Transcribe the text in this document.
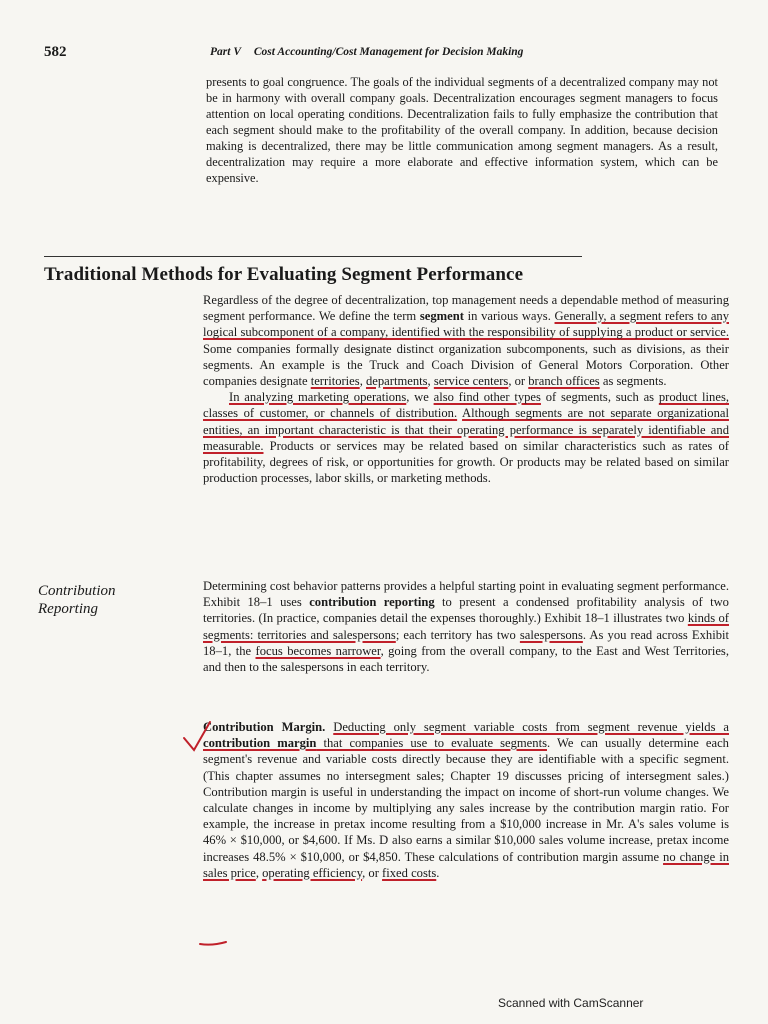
582	Part V Cost Accounting/Cost Management for Decision Making
presents to goal congruence. The goals of the individual segments of a decentralized company may not be in harmony with overall company goals. Decentralization encourages segment managers to focus attention on local operating conditions. Decentralization fails to fully emphasize the contribution that each segment should make to the profitability of the overall company. In addition, because decision making is decentralized, there may be little communication among segment managers. As a result, decentralization may require a more elaborate and effective information system, which can be expensive.
Traditional Methods for Evaluating Segment Performance

Regardless of the degree of decentralization, top management needs a dependable method of measuring segment performance. We define the term segment in various ways. Generally, a segment refers to any logical subcomponent of a company, identified with the responsibility of supplying a product or service. Some companies formally designate distinct organization subcomponents, such as divisions, as their segments. An example is the Truck and Coach Division of General Motors Corporation. Other companies designate territories, departments, service centers, or branch offices as segments.

In analyzing marketing operations, we also find other types of segments, such as product lines, classes of customer, or channels of distribution. Although segments are not separate organizational entities, an important characteristic is that their operating performance is separately identifiable and measurable. Products or services may be related based on similar characteristics such as rates of profitability, degrees of risk, or opportunities for growth. Or products may be related based on similar production processes, labor skills, or marketing methods.

Contribution
Reporting

Determining cost behavior patterns provides a helpful starting point in evaluating segment performance. Exhibit 18–1 uses contribution reporting to present a condensed profitability analysis of two territories. (In practice, companies detail the expenses thoroughly.) Exhibit 18–1 illustrates two kinds of segments: territories and salespersons; each territory has two salespersons. As you read across Exhibit 18–1, the focus becomes narrower, going from the overall company, to the East and West Territories, and then to the salespersons in each territory.

Contribution Margin. Deducting only segment variable costs from segment revenue yields a contribution margin that companies use to evaluate segments. We can usually determine each segment's revenue and variable costs directly because they are identifiable with a specific segment. (This chapter assumes no intersegment sales; Chapter 19 discusses pricing of intersegment sales.) Contribution margin is useful in understanding the impact on income of short-run volume changes. We calculate changes in income by multiplying any sales increase by the contribution margin ratio. For example, the increase in pretax income resulting from a $10,000 increase in Mr. A's sales volume is 46% × $10,000, or $4,600. If Ms. D also earns a similar $10,000 sales volume increase, pretax income increases 48.5% × $10,000, or $4,850. These calculations of contribution margin assume no change in sales price, operating efficiency, or fixed costs.

Scanned with CamScanner
